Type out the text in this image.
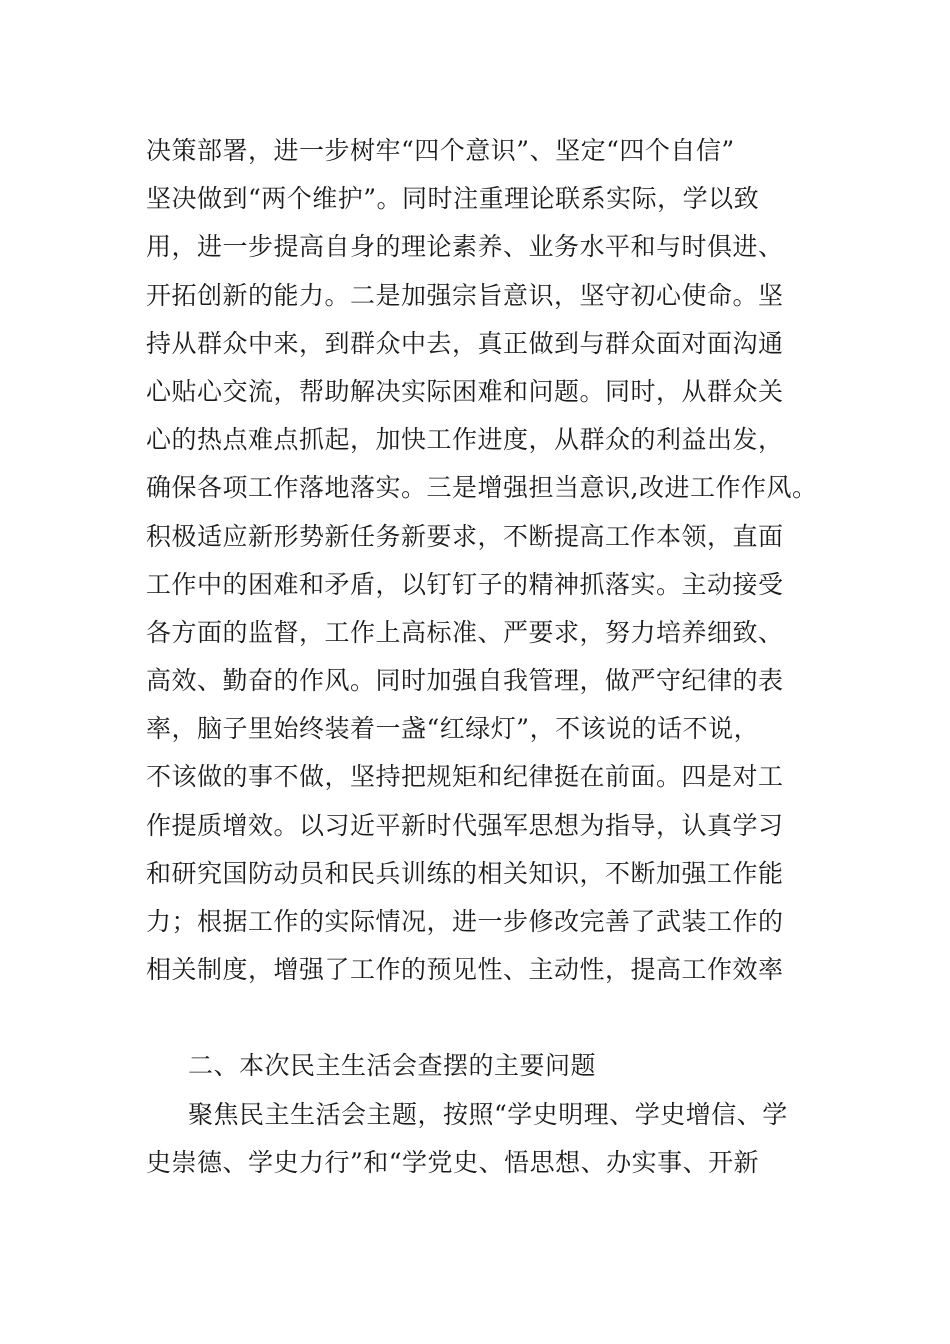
决策部署，进一步树牢“四个意识”、坚定“四个自信”
坚决做到“两个维护”。同时注重理论联系实际，学以致
用，进一步提高自身的理论素养、业务水平和与时俱进、
开拓创新的能力。二是加强宗旨意识，坚守初心使命。坚
持从群众中来，到群众中去，真正做到与群众面对面沟通
心贴心交流，帮助解决实际困难和问题。同时，从群众关
心的热点难点抓起，加快工作进度，从群众的利益出发，
确保各项工作落地落实。三是增强担当意识,改进工作作风。
积极适应新形势新任务新要求，不断提高工作本领，直面
工作中的困难和矛盾，以钉钉子的精神抓落实。主动接受
各方面的监督，工作上高标准、严要求，努力培养细致、
高效、勤奋的作风。同时加强自我管理，做严守纪律的表
率，脑子里始终装着一盏“红绿灯”，不该说的话不说，
不该做的事不做，坚持把规矩和纪律挺在前面。四是对工
作提质增效。以习近平新时代强军思想为指导，认真学习
和研究国防动员和民兵训练的相关知识，不断加强工作能
力；根据工作的实际情况，进一步修改完善了武装工作的
相关制度，增强了工作的预见性、主动性，提高工作效率
二、本次民主生活会查摆的主要问题
聚焦民主生活会主题，按照“学史明理、学史增信、学
史崇德、学史力行”和“学党史、悟思想、办实事、开新
